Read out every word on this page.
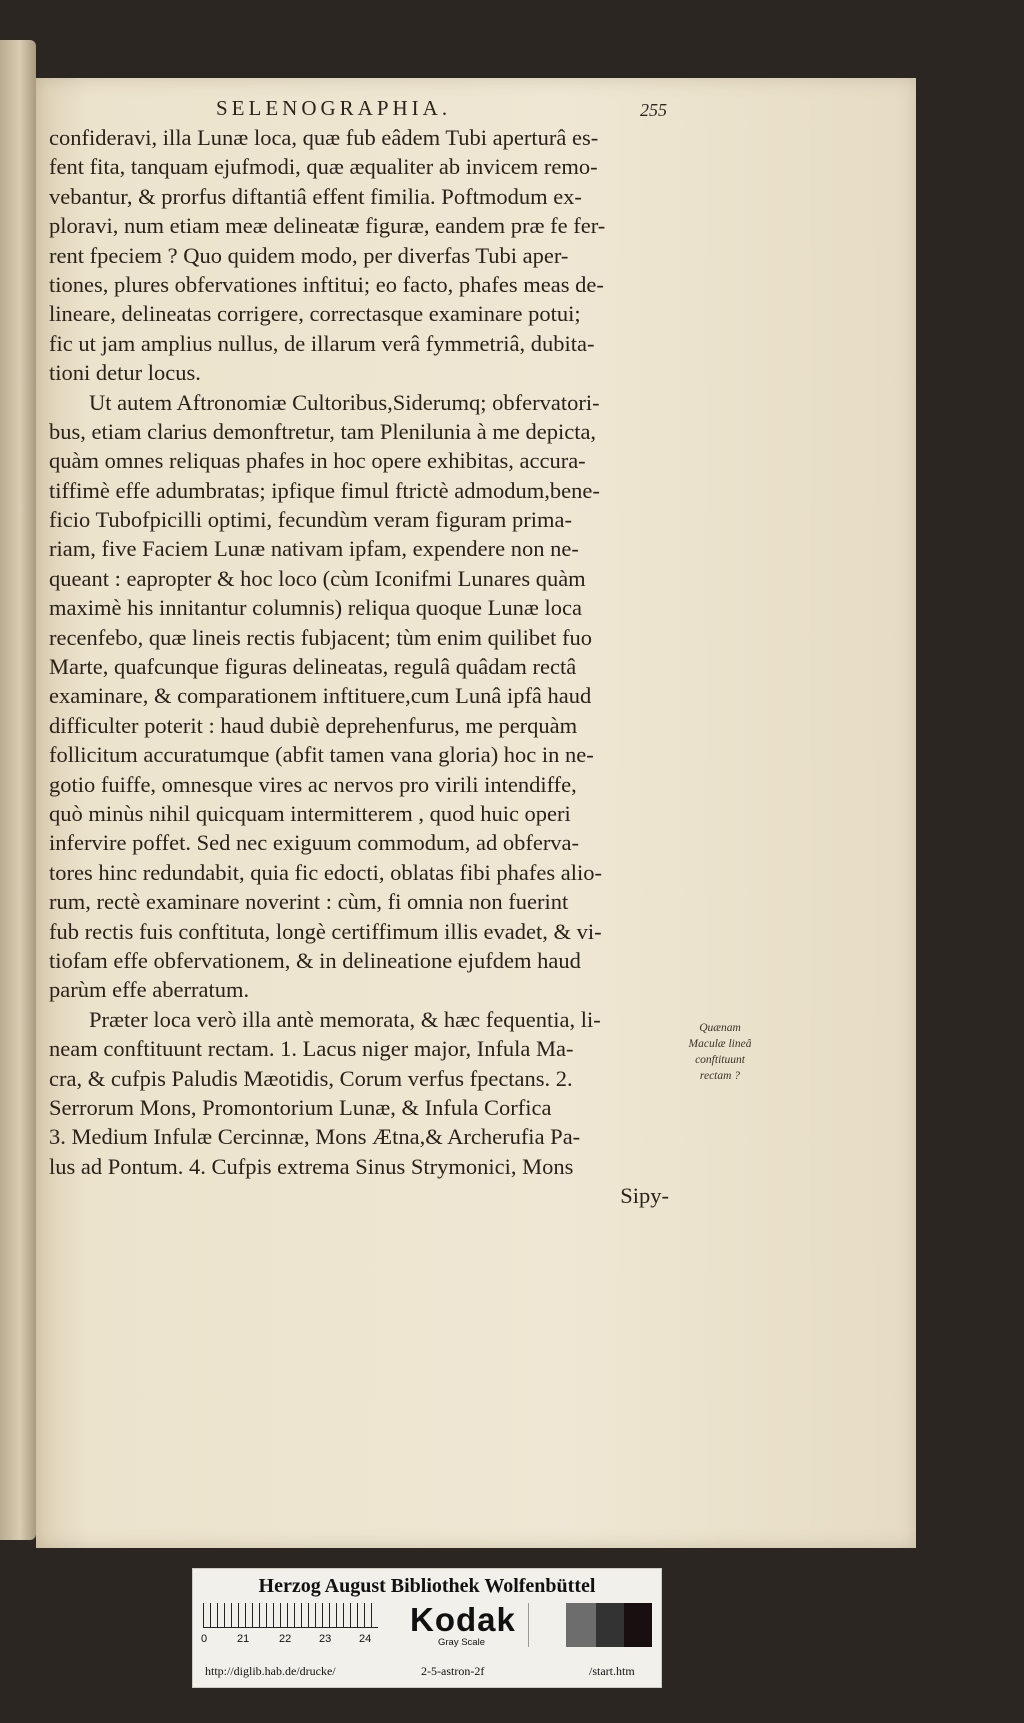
SELENOGRAPHIA.	255
confideravi, illa Lunæ loca, quæ fub eâdem Tubi aperturâ es-
fent fita, tanquam ejufmodi, quæ æqualiter ab invicem remo-
vebantur, & prorfus diftantiâ effent fimilia. Poftmodum ex-
ploravi, num etiam meæ delineatæ figuræ, eandem præ fe fer-
rent fpeciem ? Quo quidem modo, per diverfas Tubi aper-
tiones, plures obfervationes inftitui; eo facto, phafes meas de-
lineare, delineatas corrigere, correctasque examinare potui;
fic ut jam amplius nullus, de illarum verâ fymmetriâ, dubita-
tioni detur locus.
Ut autem Aftronomiæ Cultoribus,Siderumq; obfervatori-
bus, etiam clarius demonftretur, tam Plenilunia à me depicta,
quàm omnes reliquas phafes in hoc opere exhibitas, accura-
tiffimè effe adumbratas; ipfique fimul ftrictè admodum,bene-
ficio Tubofpicilli optimi, fecundùm veram figuram prima-
riam, five Faciem Lunæ nativam ipfam, expendere non ne-
queant : eapropter & hoc loco (cùm Iconifmi Lunares quàm
maximè his innitantur columnis) reliqua quoque Lunæ loca
recenfebo, quæ lineis rectis fubjacent; tùm enim quilibet fuo
Marte, quafcunque figuras delineatas, regulâ quâdam rectâ
examinare, & comparationem inftituere,cum Lunâ ipfâ haud
difficulter poterit : haud dubiè deprehenfurus, me perquàm
follicitum accuratumque (abfit tamen vana gloria) hoc in ne-
gotio fuiffe, omnesque vires ac nervos pro virili intendiffe,
quò minùs nihil quicquam intermitterem , quod huic operi
infervire poffet. Sed nec exiguum commodum, ad obferva-
tores hinc redundabit, quia fic edocti, oblatas fibi phafes alio-
rum, rectè examinare noverint : cùm, fi omnia non fuerint
fub rectis fuis conftituta, longè certiffimum illis evadet, & vi-
tiofam effe obfervationem, & in delineatione ejufdem haud
parùm effe aberratum.
Præter loca verò illa antè memorata, & hæc fequentia, li-
neam conftituunt rectam. 1. Lacus niger major, Infula Ma-
cra, & cufpis Paludis Mæotidis, Corum verfus fpectans. 2.
Serrorum Mons, Promontorium Lunæ, & Infula Corfica
3. Medium Infulæ Cercinnæ, Mons Ætna,& Archerufia Pa-
lus ad Pontum. 4. Cufpis extrema Sinus Strymonici, Mons
Sipy-
Quænam
Maculæ lineâ
conftituunt
rectam ?
Herzog August Bibliothek Wolfenbüttel
0	21	22	23	24
Kodak
Gray Scale
http://diglib.hab.de/drucke/	2-5-astron-2f	/start.htm
